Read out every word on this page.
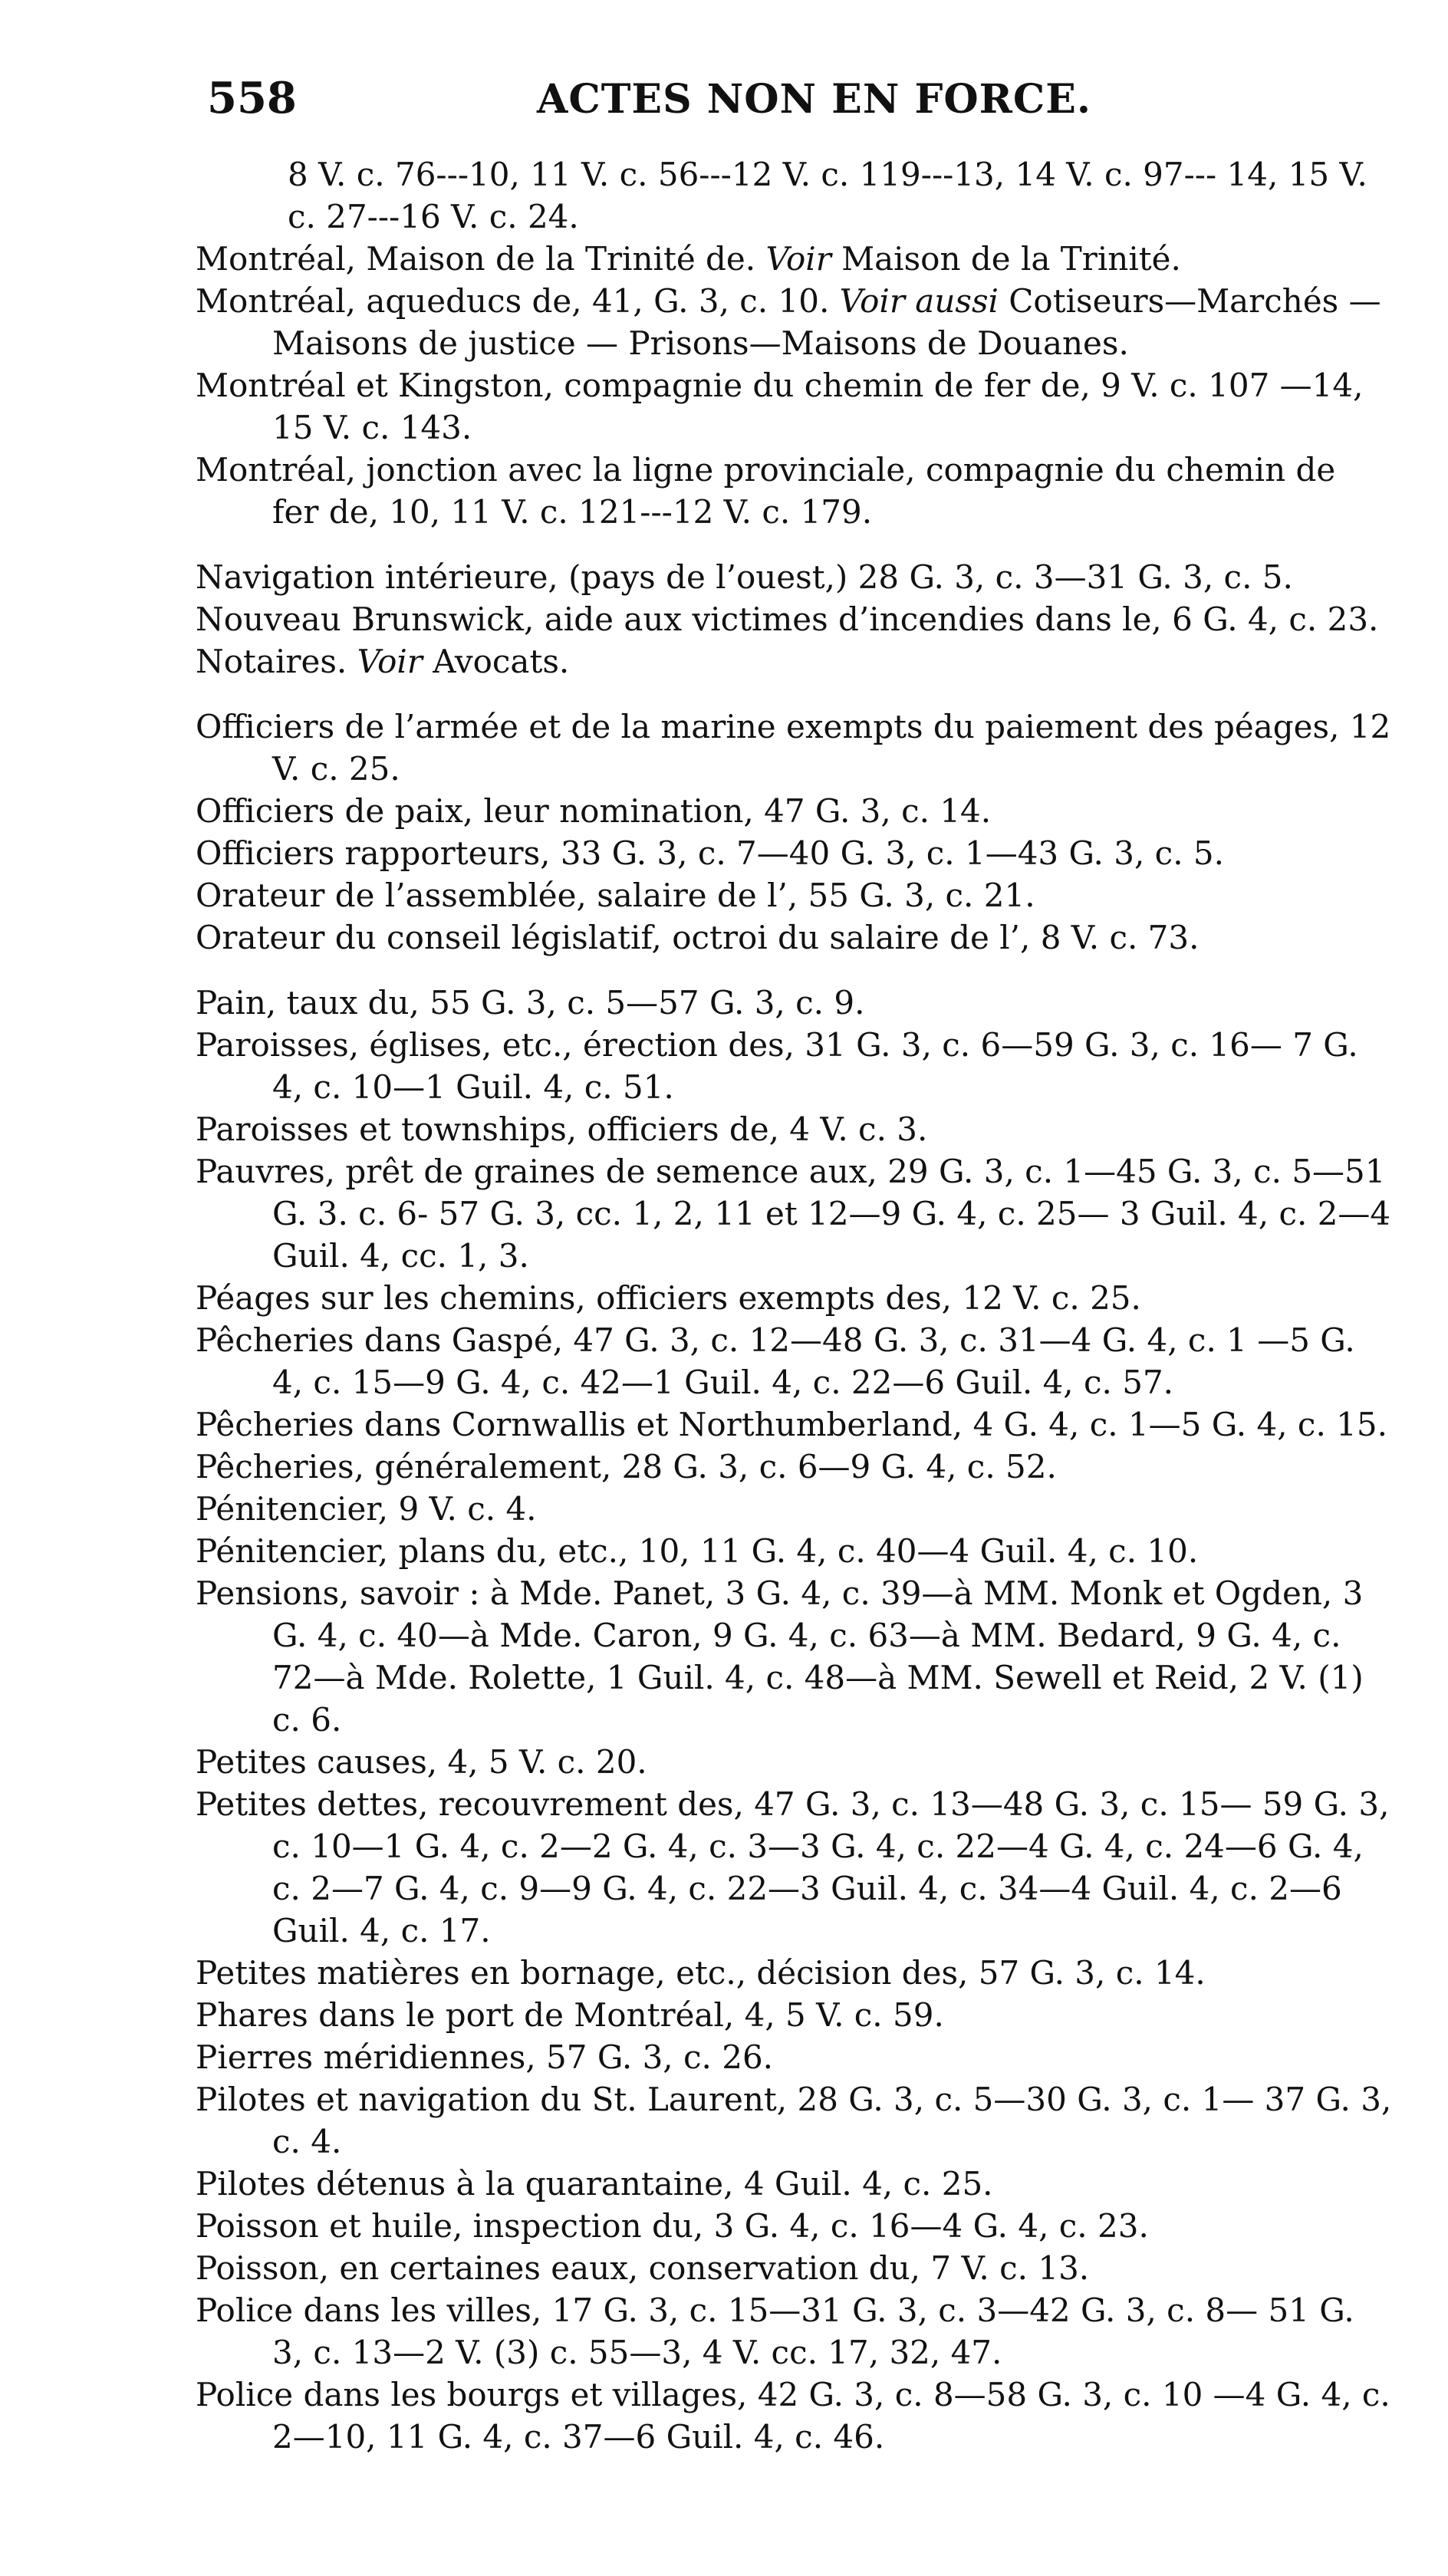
558	ACTES NON EN FORCE.

8 V. c. 76---10, 11 V. c. 56---12 V. c. 119---13, 14 V. c. 97--- 14, 15 V. c. 27---16 V. c. 24.

Montréal, Maison de la Trinité de. Voir Maison de la Trinité.

Montréal, aqueducs de, 41, G. 3, c. 10. Voir aussi Cotiseurs—Marchés — Maisons de justice — Prisons—Maisons de Douanes.

Montréal et Kingston, compagnie du chemin de fer de, 9 V. c. 107 —14, 15 V. c. 143.

Montréal, jonction avec la ligne provinciale, compagnie du chemin de fer de, 10, 11 V. c. 121---12 V. c. 179.

Navigation intérieure, (pays de l’ouest,) 28 G. 3, c. 3—31 G. 3, c. 5.

Nouveau Brunswick, aide aux victimes d’incendies dans le, 6 G. 4, c. 23.

Notaires. Voir Avocats.

Officiers de l’armée et de la marine exempts du paiement des péages, 12 V. c. 25.

Officiers de paix, leur nomination, 47 G. 3, c. 14.

Officiers rapporteurs, 33 G. 3, c. 7—40 G. 3, c. 1—43 G. 3, c. 5.

Orateur de l’assemblée, salaire de l’, 55 G. 3, c. 21.

Orateur du conseil législatif, octroi du salaire de l’, 8 V. c. 73.

Pain, taux du, 55 G. 3, c. 5—57 G. 3, c. 9.

Paroisses, églises, etc., érection des, 31 G. 3, c. 6—59 G. 3, c. 16— 7 G. 4, c. 10—1 Guil. 4, c. 51.

Paroisses et townships, officiers de, 4 V. c. 3.

Pauvres, prêt de graines de semence aux, 29 G. 3, c. 1—45 G. 3, c. 5—51 G. 3. c. 6- 57 G. 3, cc. 1, 2, 11 et 12—9 G. 4, c. 25— 3 Guil. 4, c. 2—4 Guil. 4, cc. 1, 3.

Péages sur les chemins, officiers exempts des, 12 V. c. 25.

Pêcheries dans Gaspé, 47 G. 3, c. 12—48 G. 3, c. 31—4 G. 4, c. 1 —5 G. 4, c. 15—9 G. 4, c. 42—1 Guil. 4, c. 22—6 Guil. 4, c. 57.

Pêcheries dans Cornwallis et Northumberland, 4 G. 4, c. 1—5 G. 4, c. 15.

Pêcheries, généralement, 28 G. 3, c. 6—9 G. 4, c. 52.

Pénitencier, 9 V. c. 4.

Pénitencier, plans du, etc., 10, 11 G. 4, c. 40—4 Guil. 4, c. 10.

Pensions, savoir : à Mde. Panet, 3 G. 4, c. 39—à MM. Monk et Ogden, 3 G. 4, c. 40—à Mde. Caron, 9 G. 4, c. 63—à MM. Bedard, 9 G. 4, c. 72—à Mde. Rolette, 1 Guil. 4, c. 48—à MM. Sewell et Reid, 2 V. (1) c. 6.

Petites causes, 4, 5 V. c. 20.

Petites dettes, recouvrement des, 47 G. 3, c. 13—48 G. 3, c. 15— 59 G. 3, c. 10—1 G. 4, c. 2—2 G. 4, c. 3—3 G. 4, c. 22—4 G. 4, c. 24—6 G. 4, c. 2—7 G. 4, c. 9—9 G. 4, c. 22—3 Guil. 4, c. 34—4 Guil. 4, c. 2—6 Guil. 4, c. 17.

Petites matières en bornage, etc., décision des, 57 G. 3, c. 14.

Phares dans le port de Montréal, 4, 5 V. c. 59.

Pierres méridiennes, 57 G. 3, c. 26.

Pilotes et navigation du St. Laurent, 28 G. 3, c. 5—30 G. 3, c. 1— 37 G. 3, c. 4.

Pilotes détenus à la quarantaine, 4 Guil. 4, c. 25.

Poisson et huile, inspection du, 3 G. 4, c. 16—4 G. 4, c. 23.

Poisson, en certaines eaux, conservation du, 7 V. c. 13.

Police dans les villes, 17 G. 3, c. 15—31 G. 3, c. 3—42 G. 3, c. 8— 51 G. 3, c. 13—2 V. (3) c. 55—3, 4 V. cc. 17, 32, 47.

Police dans les bourgs et villages, 42 G. 3, c. 8—58 G. 3, c. 10 —4 G. 4, c. 2—10, 11 G. 4, c. 37—6 Guil. 4, c. 46.
